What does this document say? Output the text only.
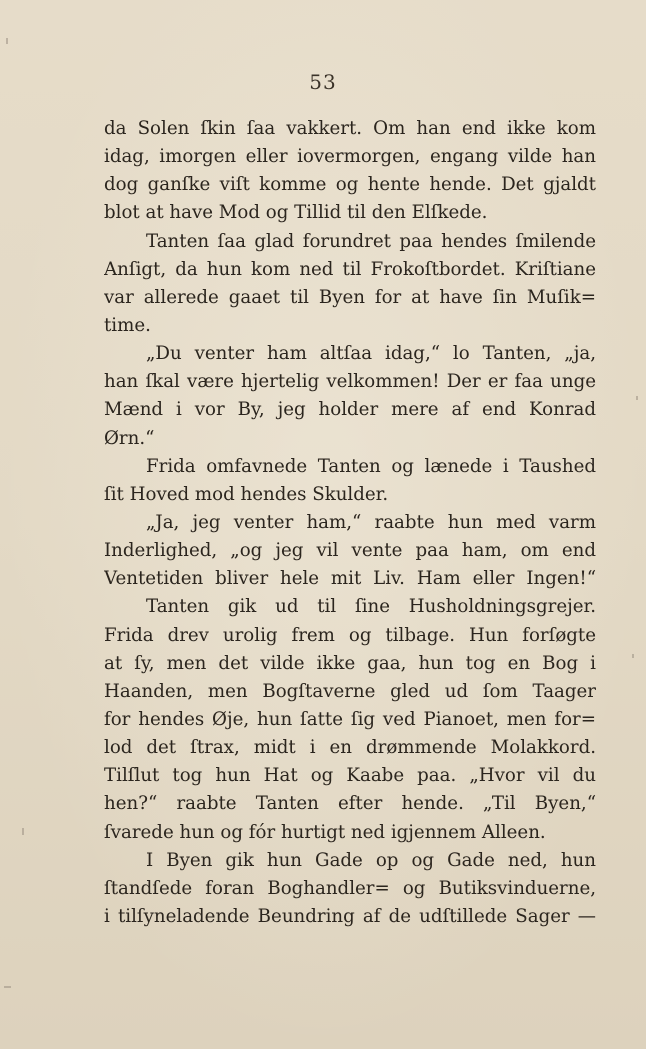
53
da Solen ſkin ſaa vakkert. Om han end ikke kom
idag, imorgen eller iovermorgen, engang vilde han
dog ganſke viſt komme og hente hende. Det gjaldt
blot at have Mod og Tillid til den Elſkede.
Tanten ſaa glad forundret paa hendes ſmilende
Anſigt, da hun kom ned til Frokoſtbordet. Kriſtiane
var allerede gaaet til Byen for at have ſin Muſik=
time.
„Du venter ham altſaa idag,“ lo Tanten, „ja,
han ſkal være hjertelig velkommen! Der er faa unge
Mænd i vor By, jeg holder mere af end Konrad
Ørn.“
Frida omfavnede Tanten og lænede i Taushed
ſit Hoved mod hendes Skulder.
„Ja, jeg venter ham,“ raabte hun med varm
Inderlighed, „og jeg vil vente paa ham, om end
Ventetiden bliver hele mit Liv. Ham eller Ingen!“
Tanten gik ud til ſine Husholdningsgrejer.
Frida drev urolig frem og tilbage. Hun forſøgte
at ſy, men det vilde ikke gaa, hun tog en Bog i
Haanden, men Bogſtaverne gled ud ſom Taager
for hendes Øje, hun ſatte ſig ved Pianoet, men for=
lod det ſtrax, midt i en drømmende Molakkord.
Tilſlut tog hun Hat og Kaabe paa. „Hvor vil du
hen?“ raabte Tanten efter hende. „Til Byen,“
ſvarede hun og fór hurtigt ned igjennem Alleen.
I Byen gik hun Gade op og Gade ned, hun
ſtandſede foran Boghandler= og Butiksvinduerne,
i tilſyneladende Beundring af de udſtillede Sager —
